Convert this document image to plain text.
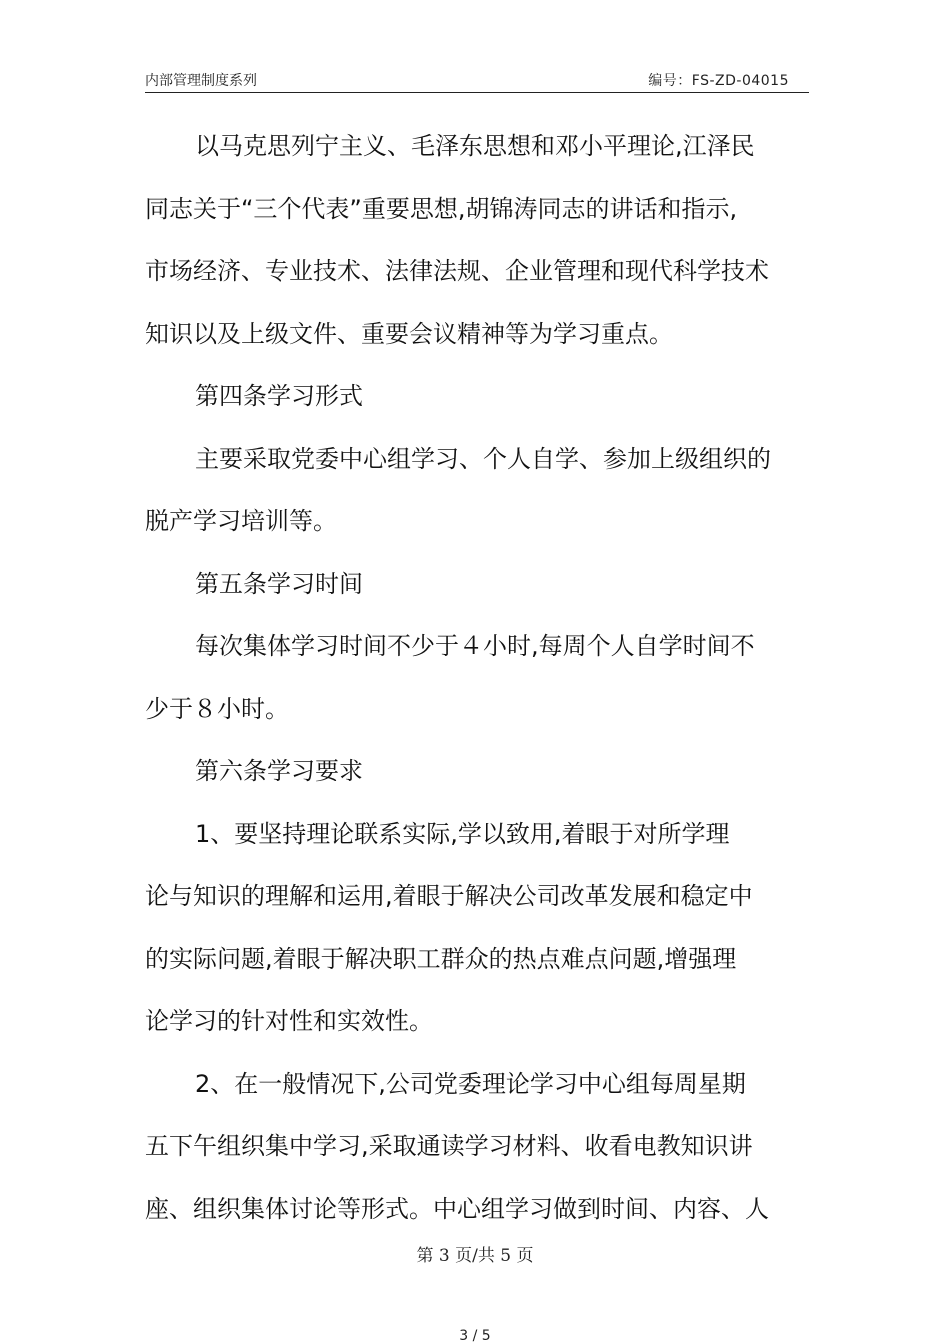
内部管理制度系列	编号：FS-ZD-04015
以马克思列宁主义、毛泽东思想和邓小平理论,江泽民
同志关于“三个代表”重要思想,胡锦涛同志的讲话和指示,
市场经济、专业技术、法律法规、企业管理和现代科学技术
知识以及上级文件、重要会议精神等为学习重点。
第四条学习形式
主要采取党委中心组学习、个人自学、参加上级组织的
脱产学习培训等。
第五条学习时间
每次集体学习时间不少于４小时,每周个人自学时间不
少于８小时。
第六条学习要求
1、要坚持理论联系实际,学以致用,着眼于对所学理
论与知识的理解和运用,着眼于解决公司改革发展和稳定中
的实际问题,着眼于解决职工群众的热点难点问题,增强理
论学习的针对性和实效性。
2、在一般情况下,公司党委理论学习中心组每周星期
五下午组织集中学习,采取通读学习材料、收看电教知识讲
座、组织集体讨论等形式。中心组学习做到时间、内容、人
第 3 页/共 5 页
3 / 5
